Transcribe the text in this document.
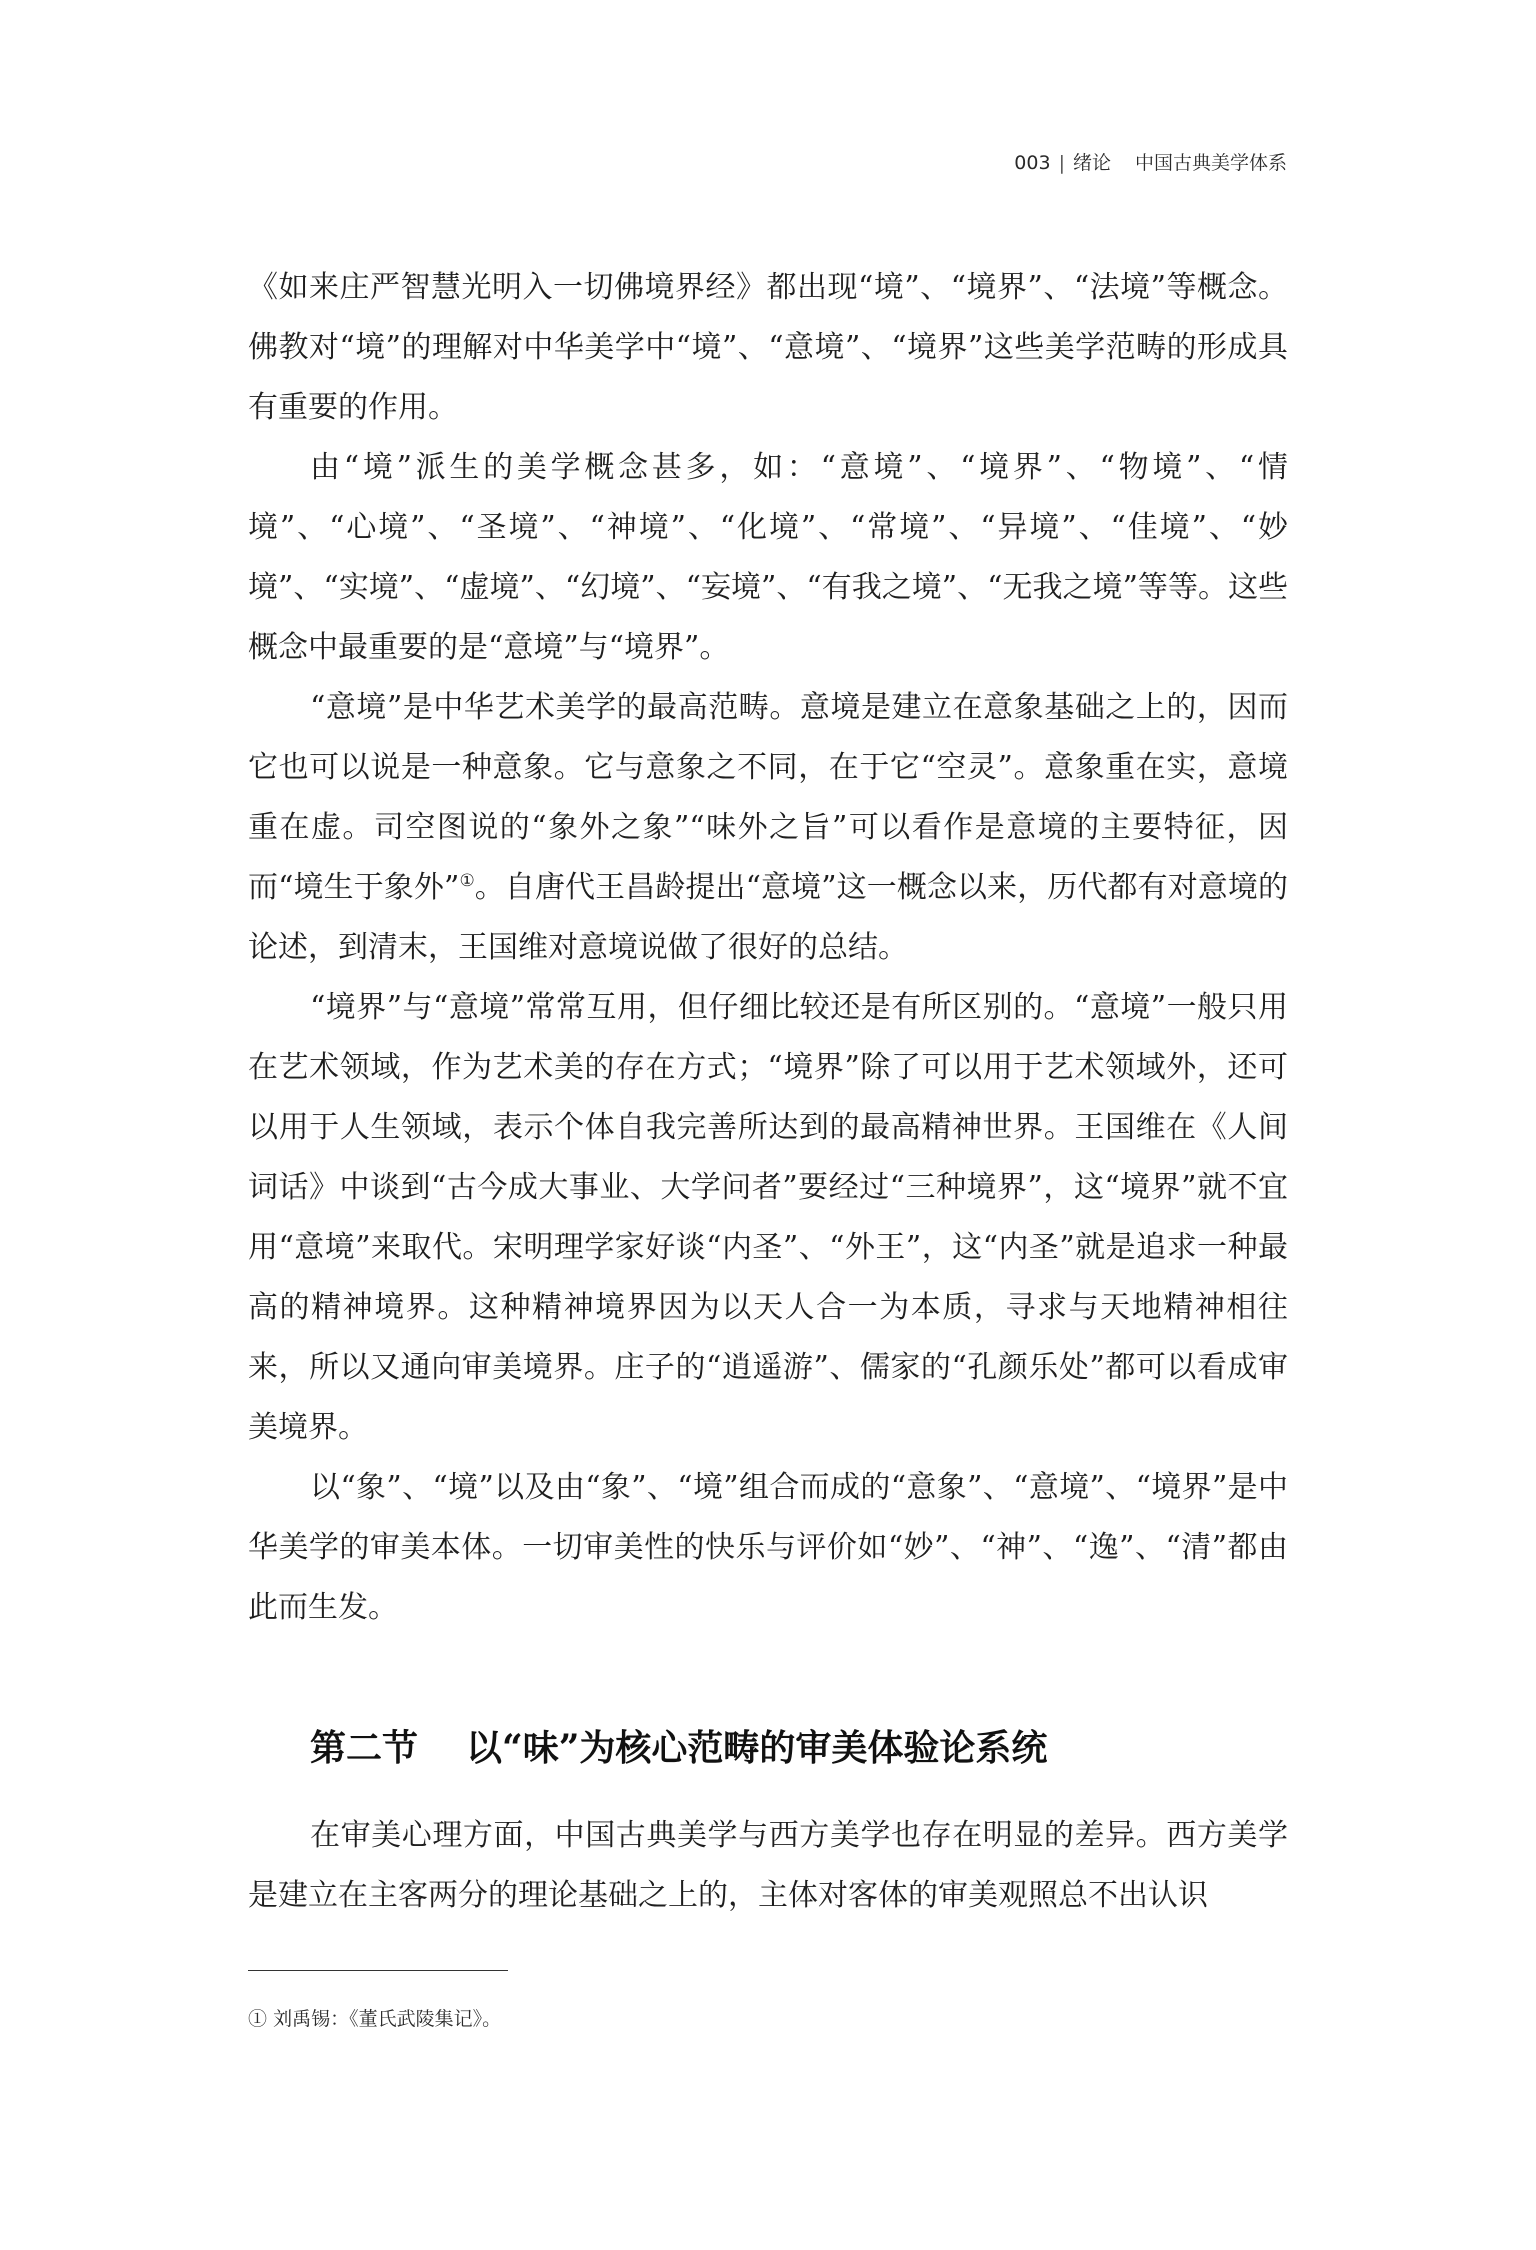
003 | 绪论 中国古典美学体系

《如来庄严智慧光明入一切佛境界经》都出现“境”、“境界”、“法境”等概念。佛教对“境”的理解对中华美学中“境”、“意境”、“境界”这些美学范畴的形成具有重要的作用。

由“境”派生的美学概念甚多，如：“意境”、“境界”、“物境”、“情境”、“心境”、“圣境”、“神境”、“化境”、“常境”、“异境”、“佳境”、“妙境”、“实境”、“虚境”、“幻境”、“妄境”、“有我之境”、“无我之境”等等。这些概念中最重要的是“意境”与“境界”。

“意境”是中华艺术美学的最高范畴。意境是建立在意象基础之上的，因而它也可以说是一种意象。它与意象之不同，在于它“空灵”。意象重在实，意境重在虚。司空图说的“象外之象”“味外之旨”可以看作是意境的主要特征，因而“境生于象外”①。自唐代王昌龄提出“意境”这一概念以来，历代都有对意境的论述，到清末，王国维对意境说做了很好的总结。

“境界”与“意境”常常互用，但仔细比较还是有所区别的。“意境”一般只用在艺术领域，作为艺术美的存在方式；“境界”除了可以用于艺术领域外，还可以用于人生领域，表示个体自我完善所达到的最高精神世界。王国维在《人间词话》中谈到“古今成大事业、大学问者”要经过“三种境界”，这“境界”就不宜用“意境”来取代。宋明理学家好谈“内圣”、“外王”，这“内圣”就是追求一种最高的精神境界。这种精神境界因为以天人合一为本质，寻求与天地精神相往来，所以又通向审美境界。庄子的“逍遥游”、儒家的“孔颜乐处”都可以看成审美境界。

以“象”、“境”以及由“象”、“境”组合而成的“意象”、“意境”、“境界”是中华美学的审美本体。一切审美性的快乐与评价如“妙”、“神”、“逸”、“清”都由此而生发。

第二节 以“味”为核心范畴的审美体验论系统

在审美心理方面，中国古典美学与西方美学也存在明显的差异。西方美学是建立在主客两分的理论基础之上的，主体对客体的审美观照总不出认识

① 刘禹锡：《董氏武陵集记》。
